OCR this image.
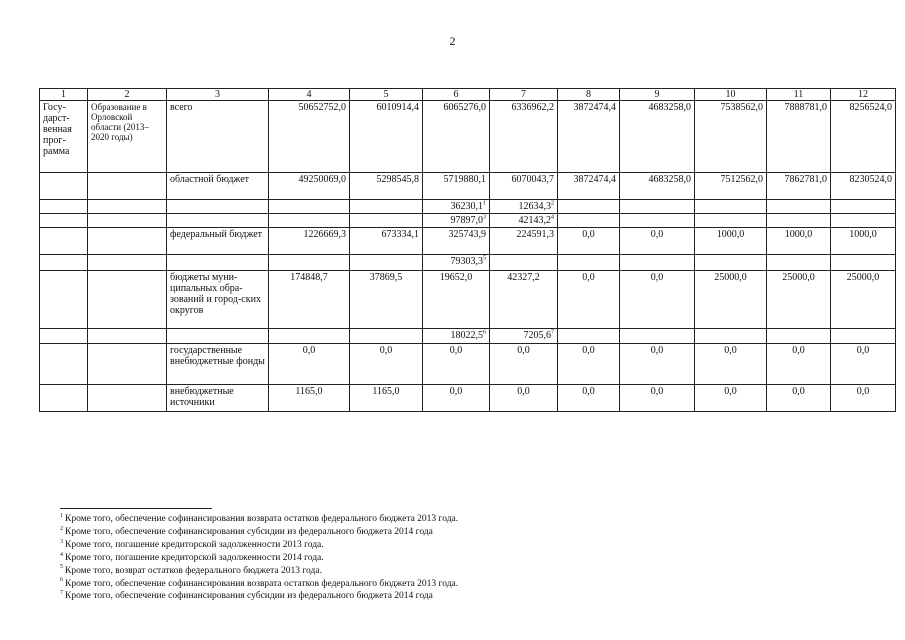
2
1	2	3	4	5	6	7	8	9	10	11	12
Госу-дарст-венная прог-рамма	Образование в Орловской области (2013–2020 годы)	всего	50652752,0	6010914,4	6065276,0	6336962,2	3872474,4	4683258,0	7538562,0	7888781,0	8256524,0
		областной бюджет	49250069,0	5298545,8	5719880,1	6070043,7	3872474,4	4683258,0	7512562,0	7862781,0	8230524,0
					36230,1$^1$	12634,3$^2$					
					97897,0$^3$	42143,2$^4$					
		федеральный бюджет	1226669,3	673334,1	325743,9	224591,3	0,0	0,0	1000,0	1000,0	1000,0
					79303,3$^5$						
		бюджеты муни-ципальных обра-зований и город-ских округов	174848,7	37869,5	19652,0	42327,2	0,0	0,0	25000,0	25000,0	25000,0
					18022,5$^6$	7205,6$^7$					
		государственные внебюджетные фонды	0,0	0,0	0,0	0,0	0,0	0,0	0,0	0,0	0,0
		внебюджетные источники	1165,0	1165,0	0,0	0,0	0,0	0,0	0,0	0,0	0,0
$^1$ Кроме того, обеспечение софинансирования возврата остатков федерального бюджета 2013 года.
$^2$ Кроме того, обеспечение софинансирования субсидии из федерального бюджета 2014 года
$^3$ Кроме того, погашение кредиторской задолженности 2013 года.
$^4$ Кроме того, погашение кредиторской задолженности 2014 года.
$^5$ Кроме того, возврат остатков федерального бюджета 2013 года.
$^6$ Кроме того, обеспечение софинансирования возврата остатков федерального бюджета 2013 года.
$^7$ Кроме того, обеспечение софинансирования субсидии из федерального бюджета 2014 года
